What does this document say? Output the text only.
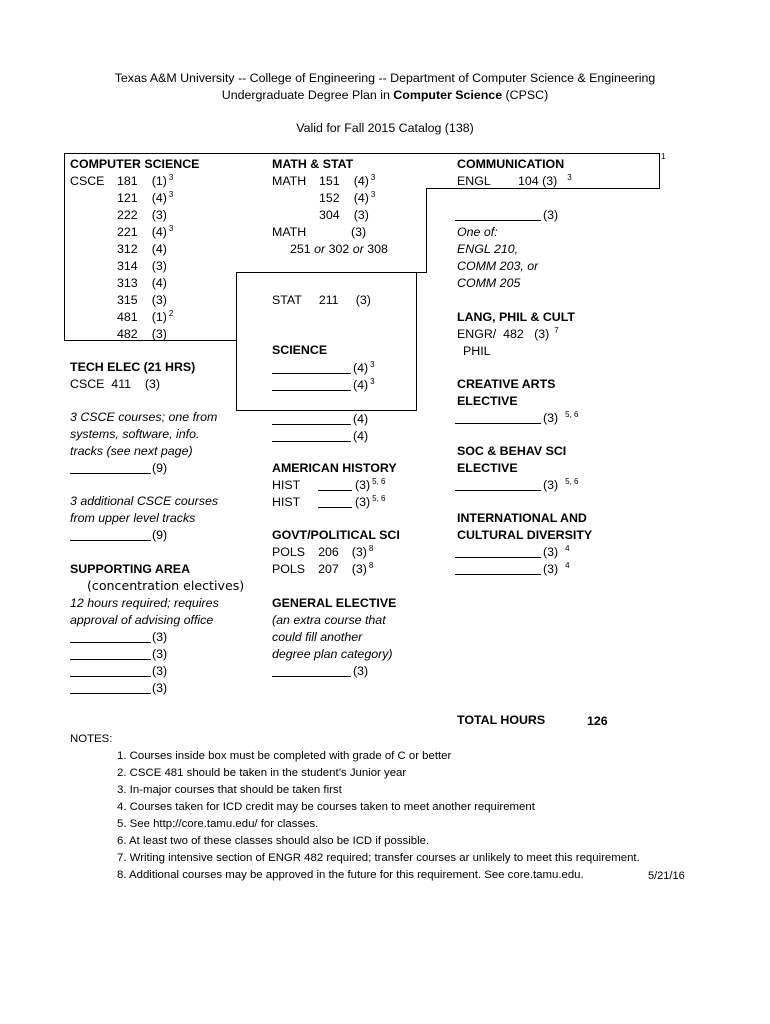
Texas A&M University -- College of Engineering -- Department of Computer Science & Engineering
Undergraduate Degree Plan in Computer Science (CPSC)
Valid for Fall 2015 Catalog (138)
1
COMPUTER SCIENCE
CSCE 181 (1) $^3$
121 (4) $^3$
222 (3)
221 (4) $^3$
312 (4)
314 (3)
313 (4)
315 (3)
481 (1) $^2$
482 (3)
TECH ELEC (21 HRS)
CSCE  411    (3)
3 CSCE courses; one from
systems, software, info.
tracks (see next page)
(9)
3 additional CSCE courses
from upper level tracks
(9)
SUPPORTING AREA
(concentration electives)
12 hours required; requires
approval of advising office
(3)
(3)
(3)
(3)
MATH & STAT
MATH 151 (4) $^3$
152 (4) $^3$
304 (3)
MATH	(3)
251 or 302 or 308
STAT     211     (3)
SCIENCE
(4) $^3$
(4) $^3$
(4)
(4)
AMERICAN HISTORY
HIST	(3) $^{5, 6}$
HIST	(3) $^{5, 6}$
GOVT/POLITICAL SCI
POLS 206 (3) $^8$
POLS 207 (3) $^8$
GENERAL ELECTIVE
(an extra course that
could fill another
degree plan category)
(3)
COMMUNICATION
ENGL 104 (3) $^3$
(3)
One of:
ENGL 210,
COMM 203, or
COMM 205
LANG, PHIL & CULT
ENGR/  482   (3) $^7$
PHIL
CREATIVE ARTS
ELECTIVE
(3) $^{5, 6}$
SOC & BEHAV SCI
ELECTIVE
(3) $^{5, 6}$
INTERNATIONAL AND
CULTURAL DIVERSITY
(3) $^4$
(3) $^4$
TOTAL HOURS	126
NOTES:
1. Courses inside box must be completed with grade of C or better
2. CSCE 481 should be taken in the student’s Junior year
3. In-major courses that should be taken first
4. Courses taken for ICD credit may be courses taken to meet another requirement
5. See http://core.tamu.edu/ for classes.
6. At least two of these classes should also be ICD if possible.
7. Writing intensive section of ENGR 482 required; transfer courses ar unlikely to meet this requirement.
8. Additional courses may be approved in the future for this requirement. See core.tamu.edu.	5/21/16
